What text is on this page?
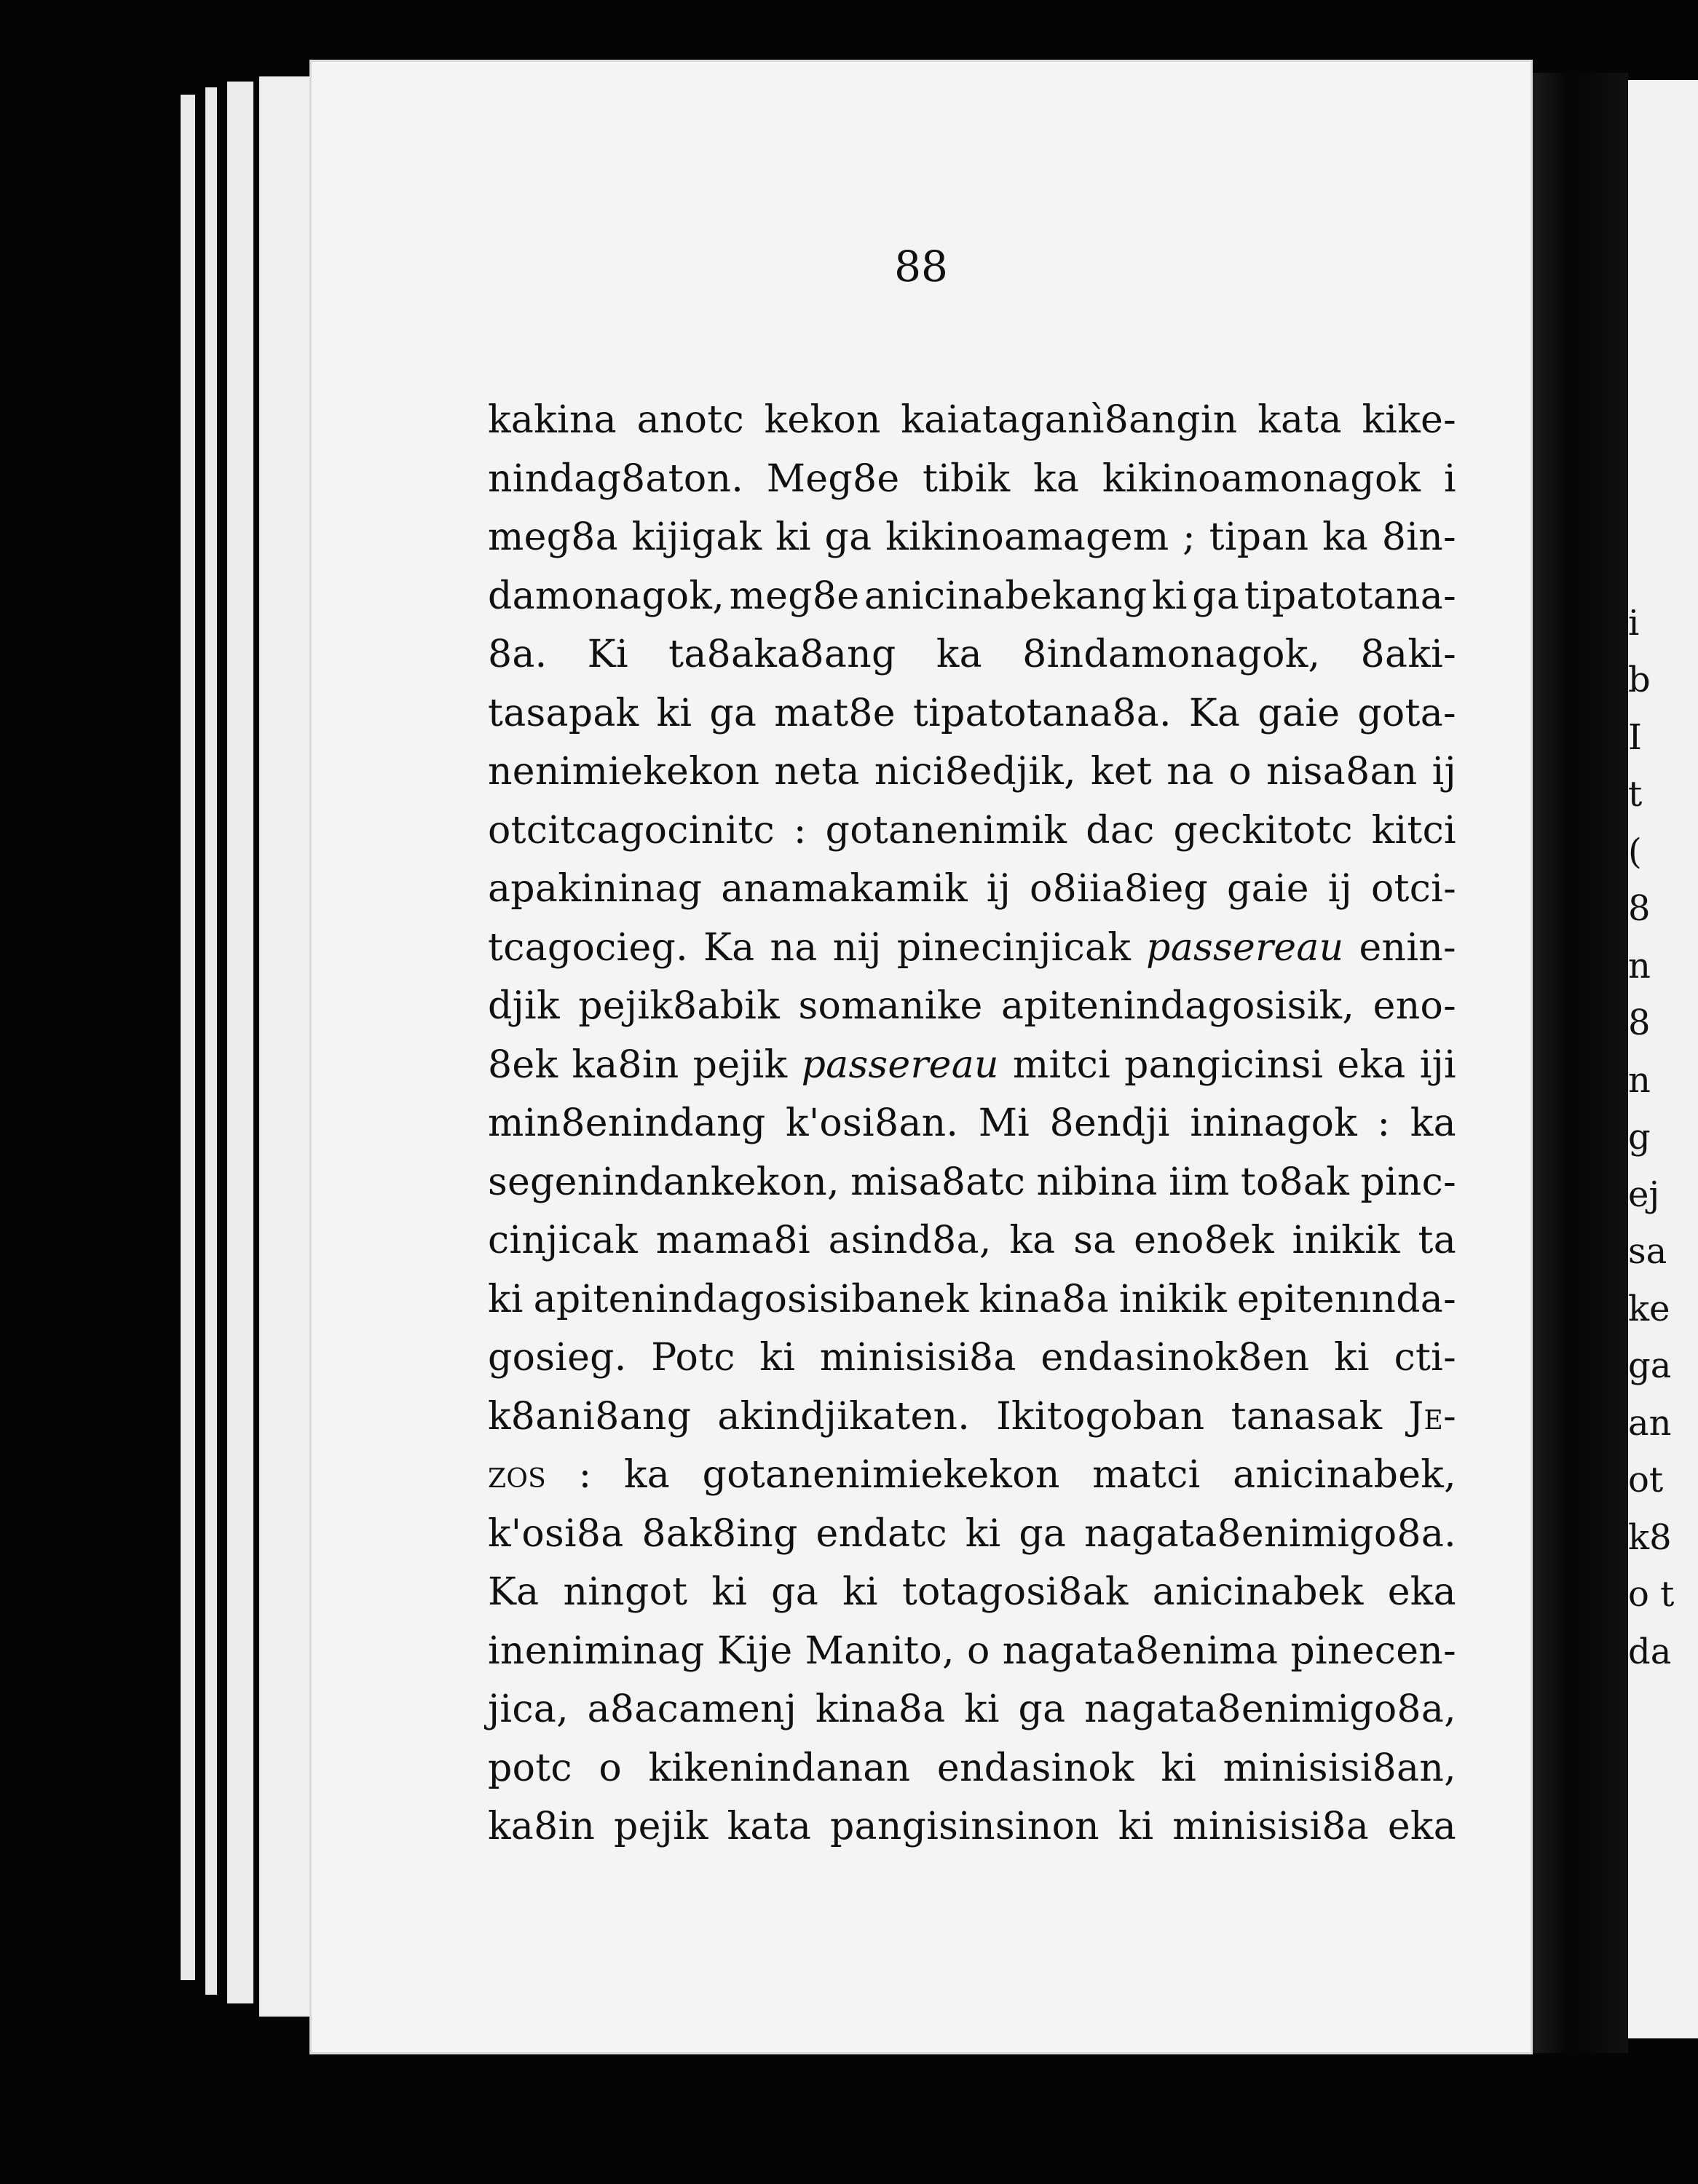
i
b
I
t
(
8
n
8
n
g
ej
sa
ke
ga
an
ot
k8
o t
da
88
kakina anotc kekon kaiataganì8angin kata kike-
nindag8aton. Meg8e tibik ka kikinoamonagok i
meg8a kijigak ki ga kikinoamagem ; tipan ka 8in-
damonagok, meg8e anicinabekang ki ga tipatotana-
8a. Ki ta8aka8ang ka 8indamonagok, 8aki-
tasapak ki ga mat8e tipatotana8a. Ka gaie gota-
nenimiekekon neta nici8edjik, ket na o nisa8an ij
otcitcagocinitc : gotanenimik dac geckitotc kitci
apakininag anamakamik ij o8iia8ieg gaie ij otci-
tcagocieg. Ka na nij pinecinjicak passereau enin-
djik pejik8abik somanike apitenindagosisik, eno-
8ek ka8in pejik passereau mitci pangicinsi eka iji
min8enindang k'osi8an. Mi 8endji ininagok : ka
segenindankekon, misa8atc nibina iim to8ak pinc-
cinjicak mama8i asind8a, ka sa eno8ek inikik ta
ki apitenindagosisibanek kina8a inikik epitenında-
gosieg. Potc ki minisisi8a endasinok8en ki cti-
k8ani8ang akindjikaten. Ikitogoban tanasak Je-
zos : ka gotanenimiekekon matci anicinabek,
k'osi8a 8ak8ing endatc ki ga nagata8enimigo8a.
Ka ningot ki ga ki totagosi8ak anicinabek eka
ineniminag Kije Manito, o nagata8enima pinecen-
jica, a8acamenj kina8a ki ga nagata8enimigo8a,
potc o kikenindanan endasinok ki minisisi8an,
ka8in pejik kata pangisinsinon ki minisisi8a eka
